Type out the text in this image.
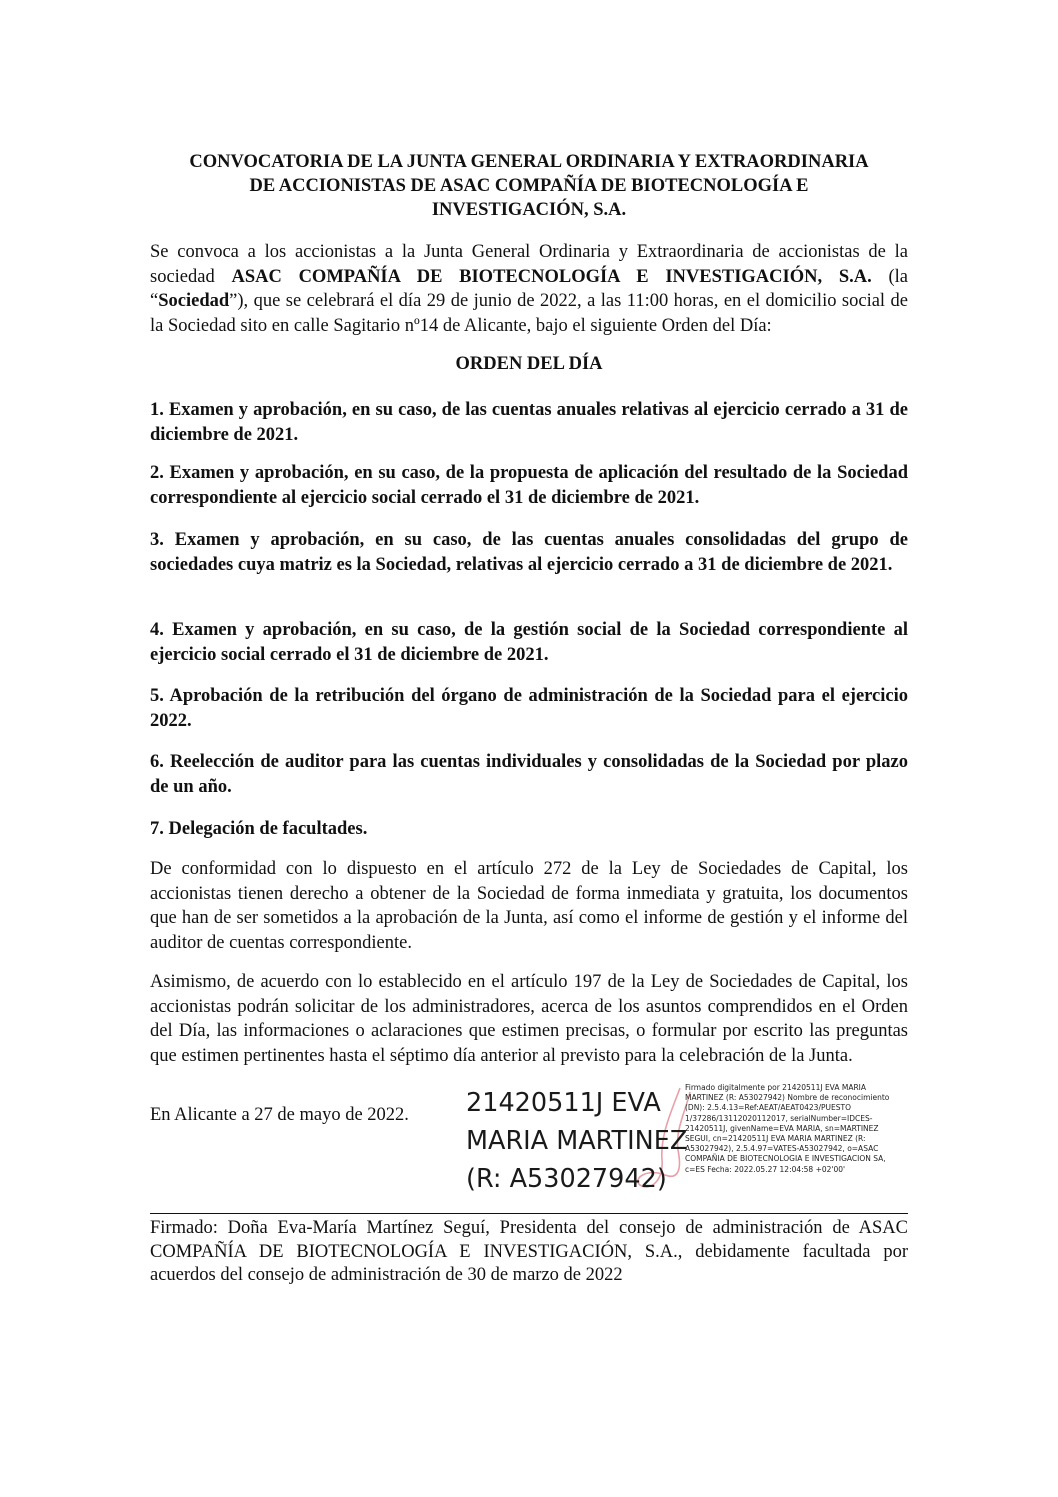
CONVOCATORIA DE LA JUNTA GENERAL ORDINARIA Y EXTRAORDINARIA
DE ACCIONISTAS DE ASAC COMPAÑÍA DE BIOTECNOLOGÍA E
INVESTIGACIÓN, S.A.

Se convoca a los accionistas a la Junta General Ordinaria y Extraordinaria de accionistas de la sociedad ASAC COMPAÑÍA DE BIOTECNOLOGÍA E INVESTIGACIÓN, S.A. (la “Sociedad”), que se celebrará el día 29 de junio de 2022, a las 11:00 horas, en el domicilio social de la Sociedad sito en calle Sagitario nº14 de Alicante, bajo el siguiente Orden del Día:

ORDEN DEL DÍA

1. Examen y aprobación, en su caso, de las cuentas anuales relativas al ejercicio cerrado a 31 de diciembre de 2021.

2. Examen y aprobación, en su caso, de la propuesta de aplicación del resultado de la Sociedad correspondiente al ejercicio social cerrado el 31 de diciembre de 2021.

3. Examen y aprobación, en su caso, de las cuentas anuales consolidadas del grupo de sociedades cuya matriz es la Sociedad, relativas al ejercicio cerrado a 31 de diciembre de 2021.

4. Examen y aprobación, en su caso, de la gestión social de la Sociedad correspondiente al ejercicio social cerrado el 31 de diciembre de 2021.

5. Aprobación de la retribución del órgano de administración de la Sociedad para el ejercicio 2022.

6. Reelección de auditor para las cuentas individuales y consolidadas de la Sociedad por plazo de un año.

7. Delegación de facultades.

De conformidad con lo dispuesto en el artículo 272 de la Ley de Sociedades de Capital, los accionistas tienen derecho a obtener de la Sociedad de forma inmediata y gratuita, los documentos que han de ser sometidos a la aprobación de la Junta, así como el informe de gestión y el informe del auditor de cuentas correspondiente.

Asimismo, de acuerdo con lo establecido en el artículo 197 de la Ley de Sociedades de Capital, los accionistas podrán solicitar de los administradores, acerca de los asuntos comprendidos en el Orden del Día, las informaciones o aclaraciones que estimen precisas, o formular por escrito las preguntas que estimen pertinentes hasta el séptimo día anterior al previsto para la celebración de la Junta.

En Alicante a 27 de mayo de 2022. 21420511J EVA
MARIA MARTINEZ
(R: A53027942)
Firmado digitalmente por 21420511J EVA MARIA MARTINEZ (R: A53027942) Nombre de reconocimiento (DN): 2.5.4.13=Ref:AEAT/AEAT0423/PUESTO 1/37286/13112020112017, serialNumber=IDCES-21420511J, givenName=EVA MARIA, sn=MARTINEZ SEGUI, cn=21420511J EVA MARIA MARTINEZ (R: A53027942), 2.5.4.97=VATES-A53027942, o=ASAC COMPAÑIA DE BIOTECNOLOGIA E INVESTIGACION SA, c=ES Fecha: 2022.05.27 12:04:58 +02'00'

Firmado: Doña Eva-María Martínez Seguí, Presidenta del consejo de administración de ASAC COMPAÑÍA DE BIOTECNOLOGÍA E INVESTIGACIÓN, S.A., debidamente facultada por acuerdos del consejo de administración de 30 de marzo de 2022
